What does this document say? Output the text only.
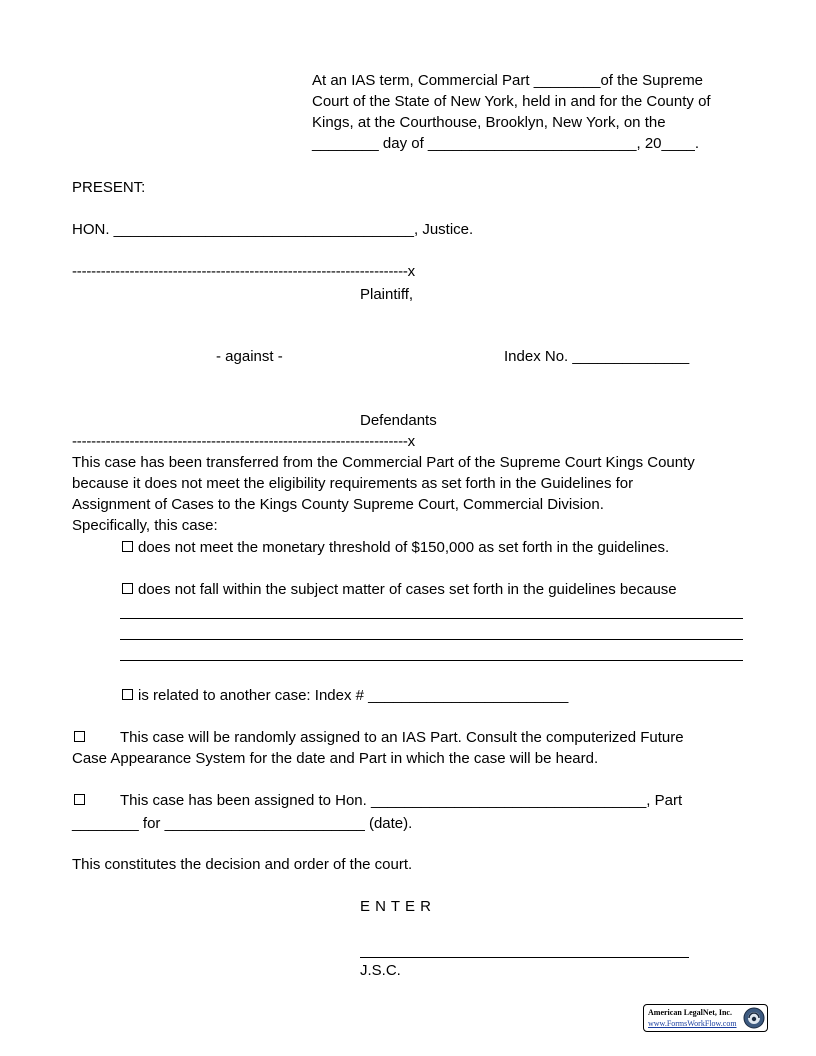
At an IAS term, Commercial Part ________of the Supreme
Court of the State of New York, held in and for the County of
Kings, at the Courthouse, Brooklyn, New York, on the
________ day of _________________________, 20____.
PRESENT:
HON. ____________________________________, Justice.
----------------------------------------------------------------------x
Plaintiff,
- against -	Index No. ______________
Defendants
----------------------------------------------------------------------x
This case has been transferred from the Commercial Part of the Supreme Court Kings County
because it does not meet the eligibility requirements as set forth in the Guidelines for
Assignment of Cases to the Kings County Supreme Court, Commercial Division.
Specifically, this case:
does not meet the monetary threshold of $150,000 as set forth in the guidelines.
does not fall within the subject matter of cases set forth in the guidelines because
is related to another case: Index # ________________________
This case will be randomly assigned to an IAS Part. Consult the computerized Future
Case Appearance System for the date and Part in which the case will be heard.
This case has been assigned to Hon. _________________________________, Part
________ for ________________________ (date).
This constitutes the decision and order of the court.
E N T E R
J.S.C.
American LegalNet, Inc.
www.FormsWorkFlow.com
